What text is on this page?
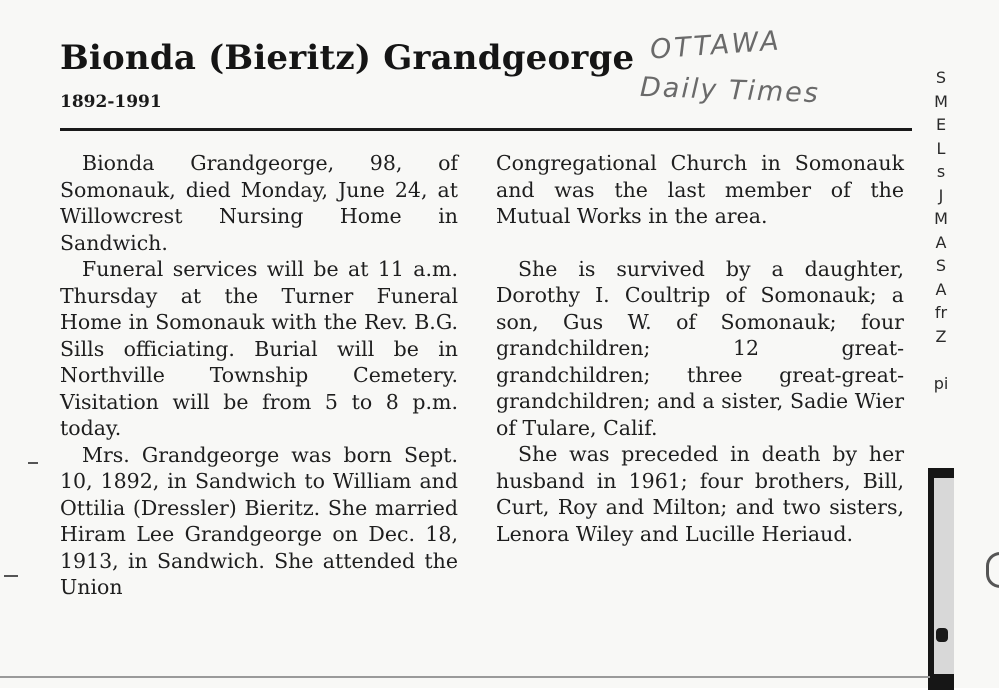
Bionda (Bieritz) Grandgeorge
1892-1991
OTTAWA
Daily Times

Bionda Grandgeorge, 98, of Somonauk, died Monday, June 24, at Willowcrest Nursing Home in Sandwich.

Funeral services will be at 11 a.m. Thursday at the Turner Funeral Home in Somonauk with the Rev. B.G. Sills officiating. Burial will be in Northville Township Cemetery. Visitation will be from 5 to 8 p.m. today.

Mrs. Grandgeorge was born Sept. 10, 1892, in Sandwich to William and Ottilia (Dressler) Bieritz. She married Hiram Lee Grandgeorge on Dec. 18, 1913, in Sandwich. She attended the Union

Congregational Church in Somonauk and was the last member of the Mutual Works in the area.

She is survived by a daughter, Dorothy I. Coultrip of Somonauk; a son, Gus W. of Somonauk; four grandchildren; 12 great-grandchildren; three great-great-grandchildren; and a sister, Sadie Wier of Tulare, Calif.

She was preceded in death by her husband in 1961; four brothers, Bill, Curt, Roy and Milton; and two sisters, Lenora Wiley and Lucille Heriaud.

S
M
E
L
s
J
M
A
S
A
fr
Z

pi
